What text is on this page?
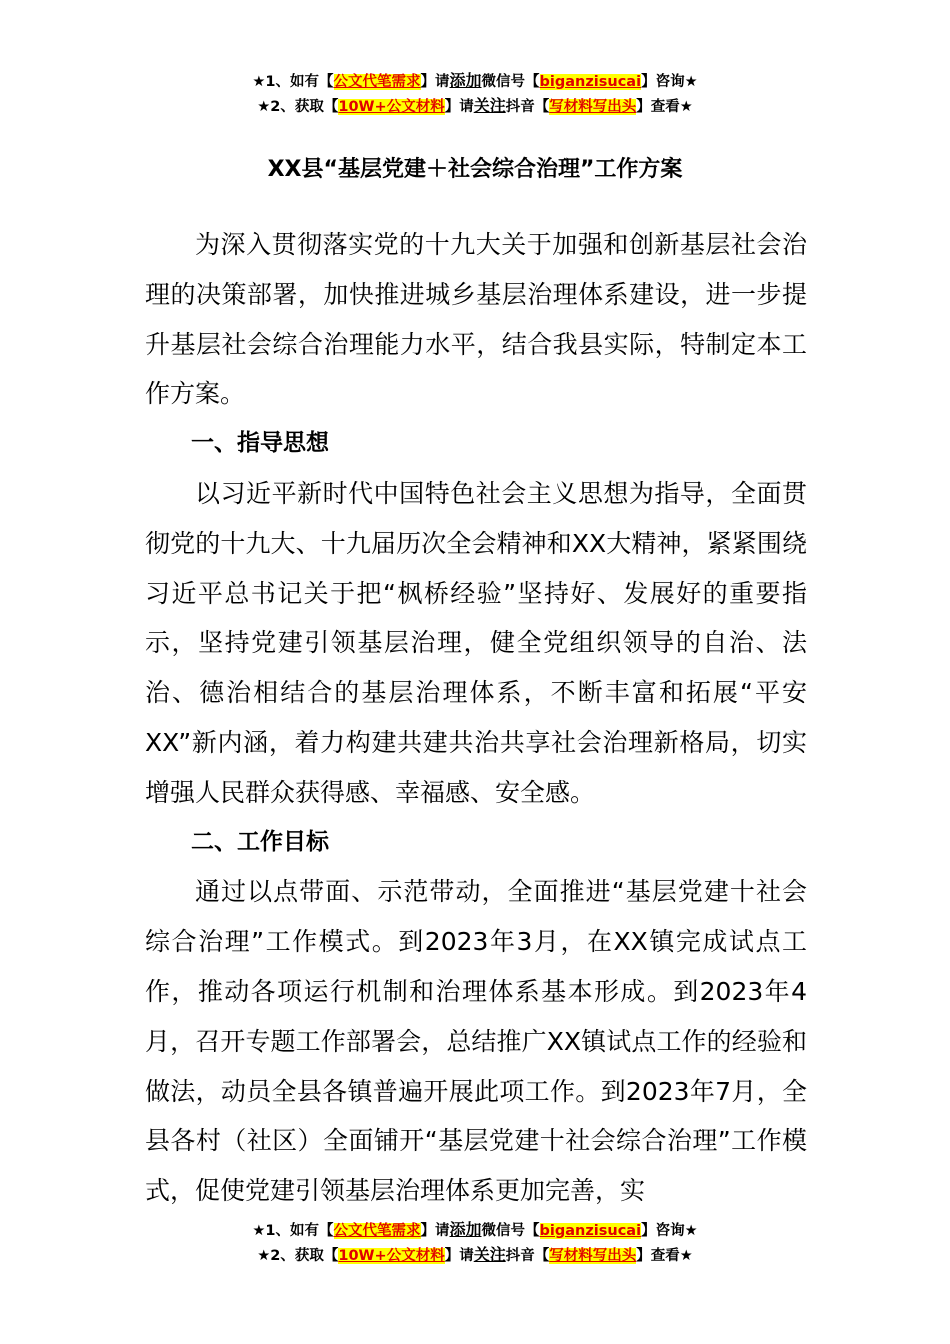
★1、如有【公文代笔需求】请添加微信号【biganzisucai】咨询★
★2、获取【10W+公文材料】请关注抖音【写材料写出头】查看★
XX县“基层党建＋社会综合治理”工作方案

为深入贯彻落实党的十九大关于加强和创新基层社会治理的决策部署，加快推进城乡基层治理体系建设，进一步提升基层社会综合治理能力水平，结合我县实际，特制定本工作方案。

一、指导思想

以习近平新时代中国特色社会主义思想为指导，全面贯彻党的十九大、十九届历次全会精神和XX大精神，紧紧围绕习近平总书记关于把“枫桥经验”坚持好、发展好的重要指示，坚持党建引领基层治理，健全党组织领导的自治、法治、德治相结合的基层治理体系，不断丰富和拓展“平安XX”新内涵，着力构建共建共治共享社会治理新格局，切实增强人民群众获得感、幸福感、安全感。

二、工作目标

通过以点带面、示范带动，全面推进“基层党建十社会综合治理”工作模式。到2023年3月，在XX镇完成试点工作，推动各项运行机制和治理体系基本形成。到2023年4月，召开专题工作部署会，总结推广XX镇试点工作的经验和做法，动员全县各镇普遍开展此项工作。到2023年7月，全县各村（社区）全面铺开“基层党建十社会综合治理”工作模式，促使党建引领基层治理体系更加完善，实

★1、如有【公文代笔需求】请添加微信号【biganzisucai】咨询★
★2、获取【10W+公文材料】请关注抖音【写材料写出头】查看★
